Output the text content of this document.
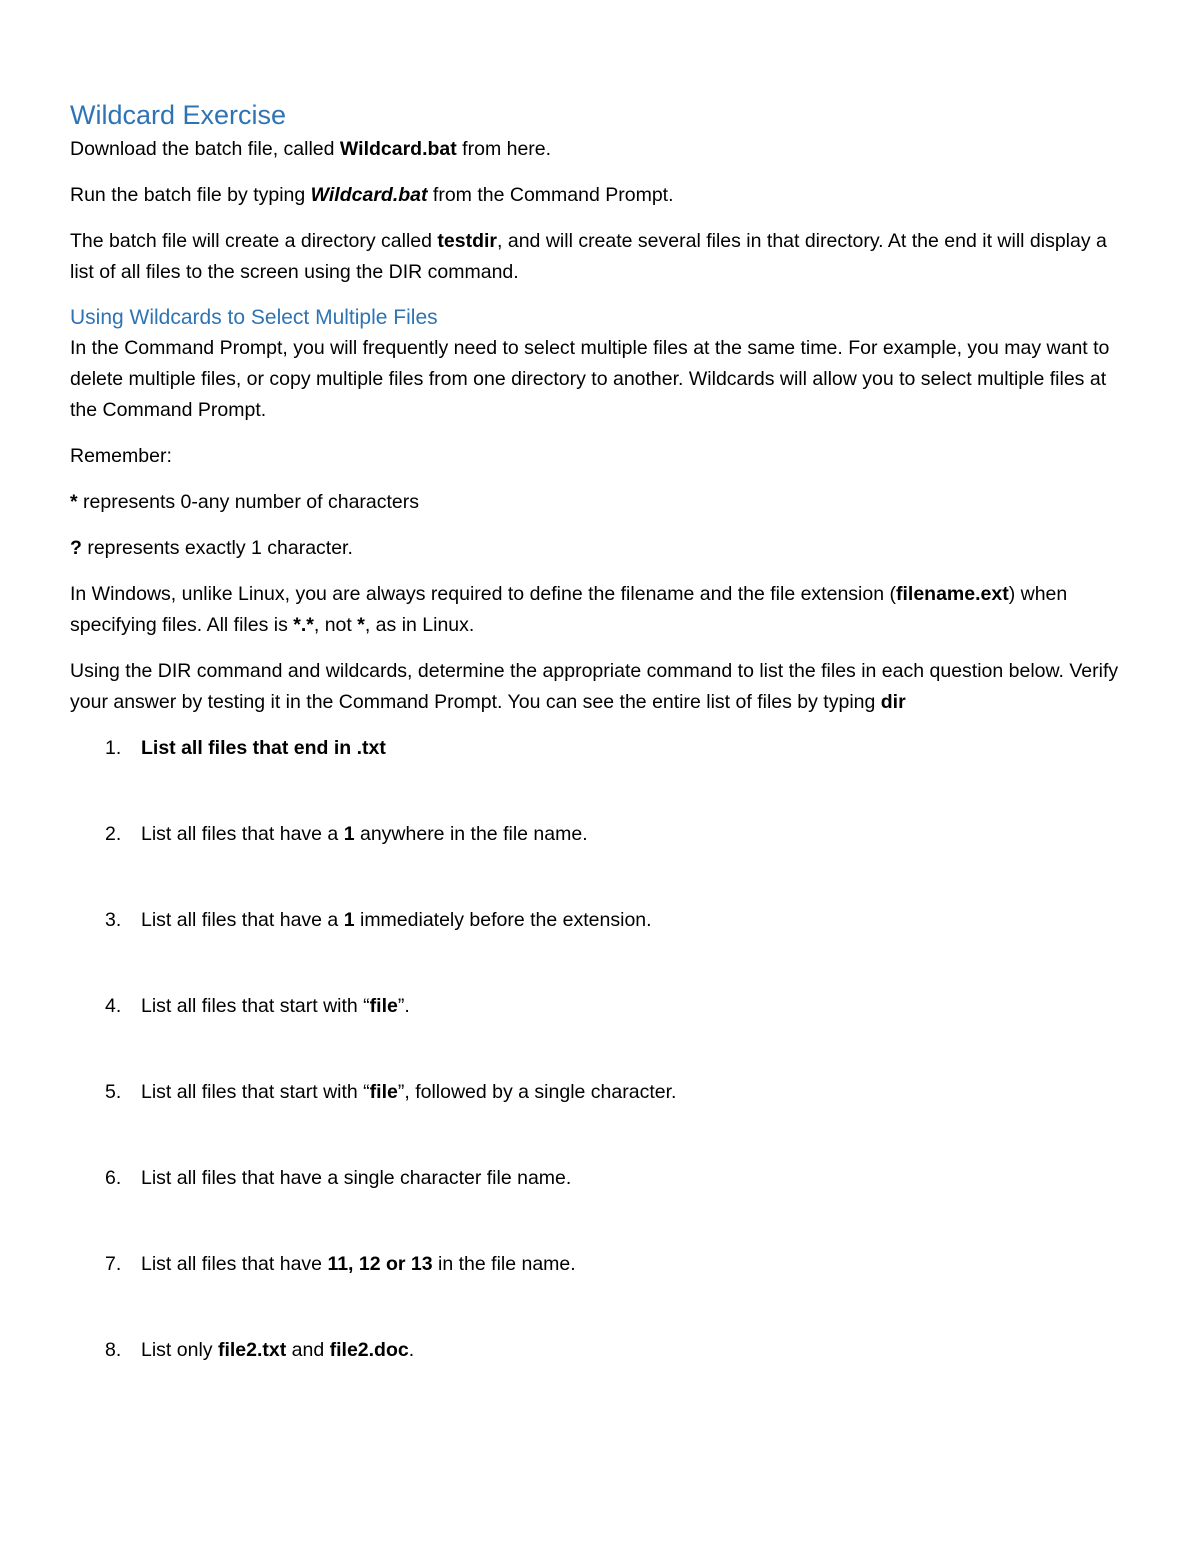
Wildcard Exercise

Download the batch file, called Wildcard.bat from here.

Run the batch file by typing Wildcard.bat from the Command Prompt.

The batch file will create a directory called testdir, and will create several files in that directory. At the end it will display a list of all files to the screen using the DIR command.

Using Wildcards to Select Multiple Files

In the Command Prompt, you will frequently need to select multiple files at the same time. For example, you may want to delete multiple files, or copy multiple files from one directory to another. Wildcards will allow you to select multiple files at the Command Prompt.

Remember:

* represents 0-any number of characters

? represents exactly 1 character.

In Windows, unlike Linux, you are always required to define the filename and the file extension (filename.ext) when specifying files. All files is *.*, not *, as in Linux.

Using the DIR command and wildcards, determine the appropriate command to list the files in each question below. Verify your answer by testing it in the Command Prompt. You can see the entire list of files by typing dir

1. List all files that end in .txt
2. List all files that have a 1 anywhere in the file name.
3. List all files that have a 1 immediately before the extension.
4. List all files that start with “file”.
5. List all files that start with “file”, followed by a single character.
6. List all files that have a single character file name.
7. List all files that have 11, 12 or 13 in the file name.
8. List only file2.txt and file2.doc.
